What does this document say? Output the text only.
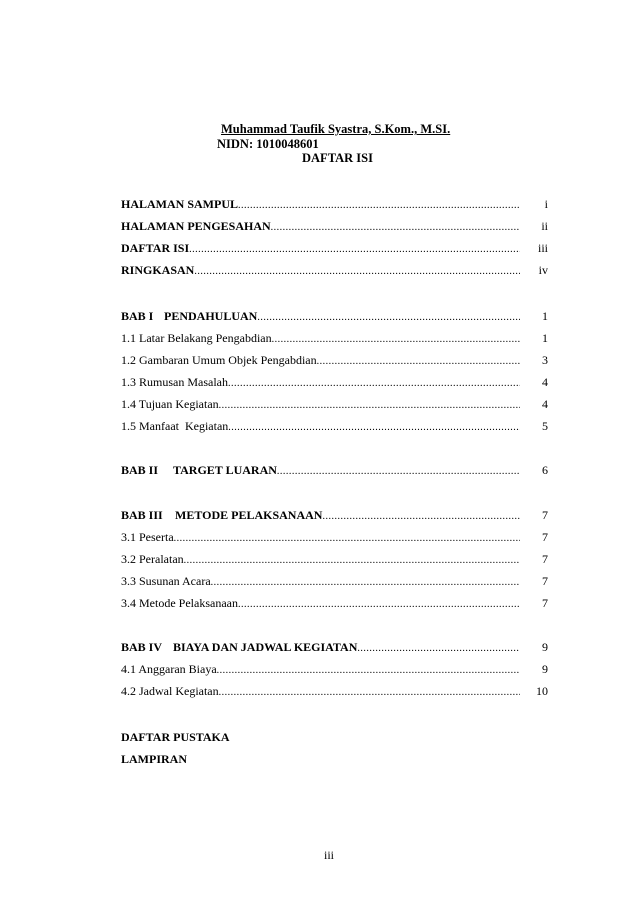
Muhammad Taufik Syastra, S.Kom., M.SI.
NIDN: 1010048601
DAFTAR ISI
HALAMAN SAMPUL .....	i
HALAMAN PENGESAHAN .....	ii
DAFTAR ISI .....	iii
RINGKASAN .....	iv
BAB I PENDAHULUAN .....	1
1.1 Latar Belakang Pengabdian .....	1
1.2 Gambaran Umum Objek Pengabdian .....	3
1.3 Rumusan Masalah .....	4
1.4 Tujuan Kegiatan .....	4
1.5 Manfaat  Kegiatan .....	5
BAB II TARGET LUARAN .....	6
BAB III METODE PELAKSANAAN .....	7
3.1 Peserta .....	7
3.2 Peralatan .....	7
3.3 Susunan Acara .....	7
3.4 Metode Pelaksanaan .....	7
BAB IV BIAYA DAN JADWAL KEGIATAN .....	9
4.1 Anggaran Biaya .....	9
4.2 Jadwal Kegiatan .....	10
DAFTAR PUSTAKA
LAMPIRAN
iii
